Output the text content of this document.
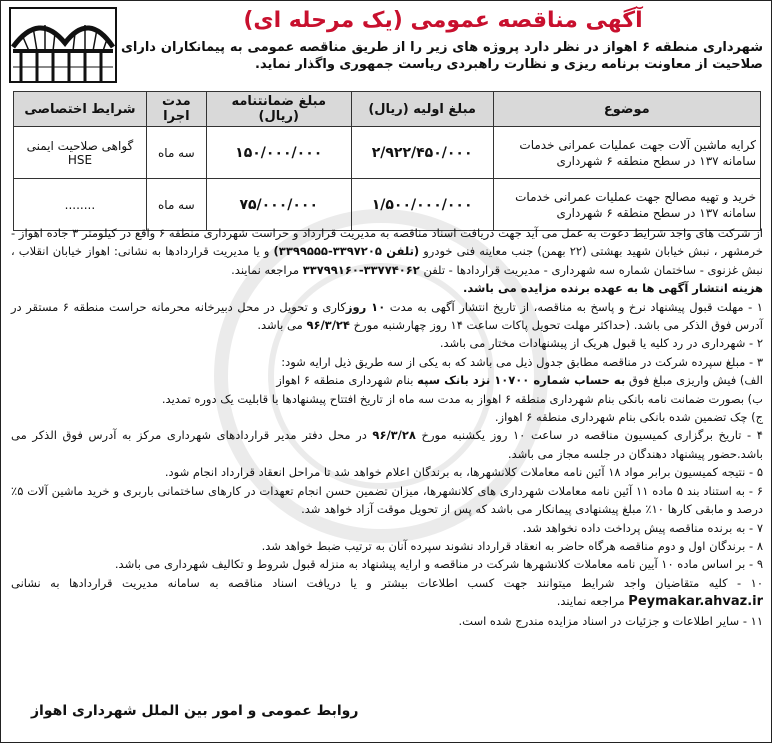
آگهی مناقصه عمومی (یک مرحله ای)
شهرداری منطقه ۶ اهواز در نظر دارد پروژه های زیر را از طریق مناقصه عمومی به پیمانکاران دارای صلاحیت از معاونت برنامه ریزی و نظارت راهبردی ریاست جمهوری واگذار نماید.
موضوع	مبلغ اولیه (ریال)	مبلغ ضمانتنامه (ریال)	مدت اجرا	شرایط اختصاصی
کرایه ماشین آلات جهت عملیات عمرانی خدمات سامانه ۱۳۷ در سطح منطقه ۶ شهرداری	۲/۹۲۲/۴۵۰/۰۰۰	۱۵۰/۰۰۰/۰۰۰	سه ماه	گواهی صلاحیت ایمنی HSE
خرید و تهیه مصالح جهت عملیات عمرانی خدمات سامانه ۱۳۷ در سطح منطقه ۶ شهرداری	۱/۵۰۰/۰۰۰/۰۰۰	۷۵/۰۰۰/۰۰۰	سه ماه	........

از شرکت های واجد شرایط دعوت به عمل می آید جهت دریافت اسناد مناقصه به مدیریت قرارداد و حراست شهرداری منطقه ۶ واقع در کیلومتر ۳ جاده اهواز - خرمشهر ، نبش خیابان شهید بهشتی (۲۲ بهمن) جنب معاینه فنی خودرو (تلفن ۳۳۹۷۲۰۵-۳۳۹۹۵۵۵) و یا مدیریت قراردادها به نشانی: اهواز خیابان انقلاب ، نبش غزنوی - ساختمان شماره سه شهرداری - مدیریت قراردادها - تلفن ۳۳۷۷۴۰۶۲-۳۳۷۹۹۱۶۰ مراجعه نمایند.

هزینه انتشار آگهی ها به عهده برنده مزایده می باشد.

۱ - مهلت قبول پیشنهاد نرخ و پاسخ به مناقصه، از تاریخ انتشار آگهی به مدت ۱۰ روزکاری و تحویل در محل دبیرخانه محرمانه حراست منطقه ۶ مستقر در آدرس فوق الذکر می باشد. (حداکثر مهلت تحویل پاکات ساعت ۱۴ روز چهارشنبه مورخ ۹۶/۳/۲۴ می باشد.

۲ - شهرداری در رد کلیه یا قبول هریک از پیشنهادات مختار می باشد.

۳ - مبلغ سپرده شرکت در مناقصه مطابق جدول ذیل می باشد که به یکی از سه طریق ذیل ارایه شود:

الف) فیش واریزی مبلغ فوق به حساب شماره ۱۰۷۰۰ نزد بانک سپه بنام شهرداری منطقه ۶ اهواز

ب) بصورت ضمانت نامه بانکی بنام شهرداری منطقه ۶ اهواز به مدت سه ماه از تاریخ افتتاح پیشنهادها با قابلیت یک دوره تمدید.

ج) چک تضمین شده بانکی بنام شهرداری منطقه ۶ اهواز.

۴ - تاریخ برگزاری کمیسیون مناقصه در ساعت ۱۰ روز یکشنبه مورخ ۹۶/۳/۲۸ در محل دفتر مدیر قراردادهای شهرداری مرکز به آدرس فوق الذکر می باشد.حضور پیشنهاد دهندگان در جلسه مجاز می باشد.

۵ - نتیجه کمیسیون برابر مواد ۱۸ آئین نامه معاملات کلانشهرها، به برندگان اعلام خواهد شد تا مراحل انعقاد قرارداد انجام شود.

۶ - به استناد بند ۵ ماده ۱۱ آئین نامه معاملات شهرداری های کلانشهرها، میزان تضمین حسن انجام تعهدات در کارهای ساختمانی باربری و خرید ماشین آلات ۵٪ درصد و مابقی کارها ۱۰٪ مبلغ پیشنهادی پیمانکار می باشد که پس از تحویل موقت آزاد خواهد شد.

۷ - به برنده مناقصه پیش پرداخت داده نخواهد شد.

۸ - برندگان اول و دوم مناقصه هرگاه حاضر به انعقاد قرارداد نشوند سپرده آنان به ترتیب ضبط خواهد شد.

۹ - بر اساس ماده ۱۰ آیین نامه معاملات کلانشهرها شرکت در مناقصه و ارایه پیشنهاد به منزله قبول شروط و تکالیف شهرداری می باشد.

۱۰ - کلیه متقاضیان واجد شرایط میتوانند جهت کسب اطلاعات بیشتر و یا دریافت اسناد مناقصه به سامانه مدیریت قراردادها به نشانی Peymakar.ahvaz.ir مراجعه نمایند.

۱۱ - سایر اطلاعات و جزئیات در اسناد مزایده مندرج شده است.

روابط عمومی و امور بین الملل شهرداری اهواز
